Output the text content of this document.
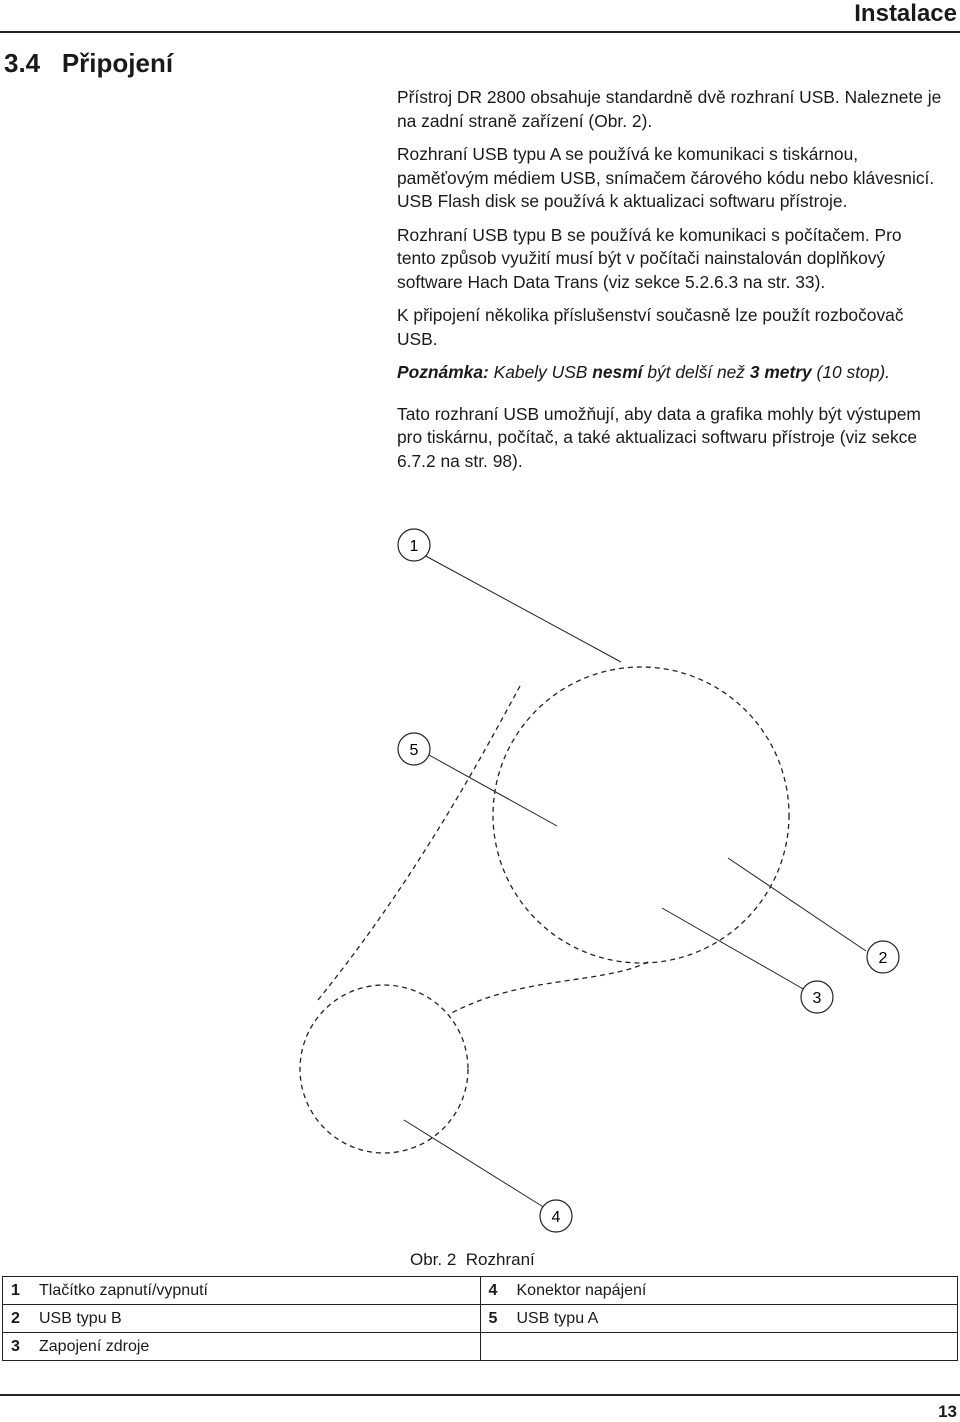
Instalace
3.4 Připojení

Přístroj DR 2800 obsahuje standardně dvě rozhraní USB. Naleznete je na zadní straně zařízení (Obr. 2).

Rozhraní USB typu A se používá ke komunikaci s tiskárnou, paměťovým médiem USB, snímačem čárového kódu nebo klávesnicí. USB Flash disk se používá k aktualizaci softwaru přístroje.

Rozhraní USB typu B se používá ke komunikaci s počítačem. Pro tento způsob využití musí být v počítači nainstalován doplňkový software Hach Data Trans (viz sekce 5.2.6.3 na str. 33).

K připojení několika příslušenství současně lze použít rozbočovač USB.

Poznámka: Kabely USB nesmí být delší než 3 metry (10 stop).

Tato rozhraní USB umožňují, aby data a grafika mohly být výstupem pro tiskárnu, počítač, a také aktualizaci softwaru přístroje (viz sekce 6.7.2 na str. 98).

1
5
2
3
4
Obr. 2 Rozhraní
1 Tlačítko zapnutí/vypnutí	4 Konektor napájení
2 USB typu B	5 USB typu A
3 Zapojení zdroje	
13
